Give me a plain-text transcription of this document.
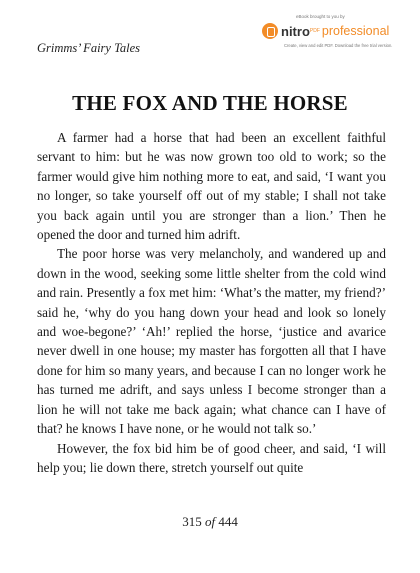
Grimms’ Fairy Tales
eBook brought to you by
nitro PDF professional
Create, view and edit PDF. Download the free trial version.
THE FOX AND THE HORSE

A farmer had a horse that had been an excellent faithful servant to him: but he was now grown too old to work; so the farmer would give him nothing more to eat, and said, ‘I want you no longer, so take yourself off out of my stable; I shall not take you back again until you are stronger than a lion.’ Then he opened the door and turned him adrift.

The poor horse was very melancholy, and wandered up and down in the wood, seeking some little shelter from the cold wind and rain. Presently a fox met him: ‘What’s the matter, my friend?’ said he, ‘why do you hang down your head and look so lonely and woe-begone?’ ‘Ah!’ replied the horse, ‘justice and avarice never dwell in one house; my master has forgotten all that I have done for him so many years, and because I can no longer work he has turned me adrift, and says unless I become stronger than a lion he will not take me back again; what chance can I have of that? he knows I have none, or he would not talk so.’

However, the fox bid him be of good cheer, and said, ‘I will help you; lie down there, stretch yourself out quite

315 of 444
